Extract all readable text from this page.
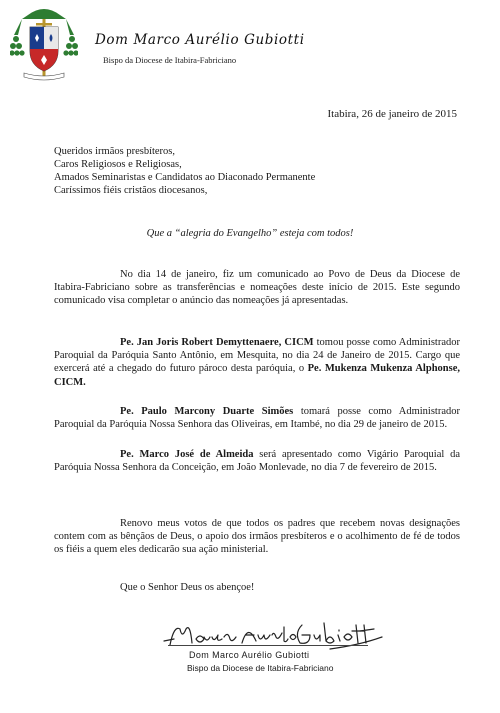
Dom Marco Aurélio Gubiotti
Bispo da Diocese de Itabira-Fabriciano
Itabira, 26 de janeiro de 2015
Queridos irmãos presbíteros,
Caros Religiosos e Religiosas,
Amados Seminaristas e Candidatos ao Diaconado Permanente
Caríssimos fiéis cristãos diocesanos,
Que a “alegria do Evangelho” esteja com todos!

No dia 14 de janeiro, fiz um comunicado ao Povo de Deus da Diocese de Itabira-Fabriciano sobre as transferências e nomeações deste início de 2015. Este segundo comunicado visa completar o anúncio das nomeações já apresentadas.

Pe. Jan Joris Robert Demyttenaere, CICM tomou posse como Administrador Paroquial da Paróquia Santo Antônio, em Mesquita, no dia 24 de Janeiro de 2015. Cargo que exercerá até a chegado do futuro pároco desta paróquia, o Pe. Mukenza Mukenza Alphonse, CICM.

Pe. Paulo Marcony Duarte Simões tomará posse como Administrador Paroquial da Paróquia Nossa Senhora das Oliveiras, em Itambé, no dia 29 de janeiro de 2015.

Pe. Marco José de Almeida será apresentado como Vigário Paroquial da Paróquia Nossa Senhora da Conceição, em João Monlevade, no dia 7 de fevereiro de 2015.

Renovo meus votos de que todos os padres que recebem novas designações contem com as bênçãos de Deus, o apoio dos irmãos presbíteros e o acolhimento de fé de todos os fiéis a quem eles dedicarão sua ação ministerial.

Que o Senhor Deus os abençoe!
Dom Marco Aurélio Gubiotti
Bispo da Diocese de Itabira-Fabriciano
